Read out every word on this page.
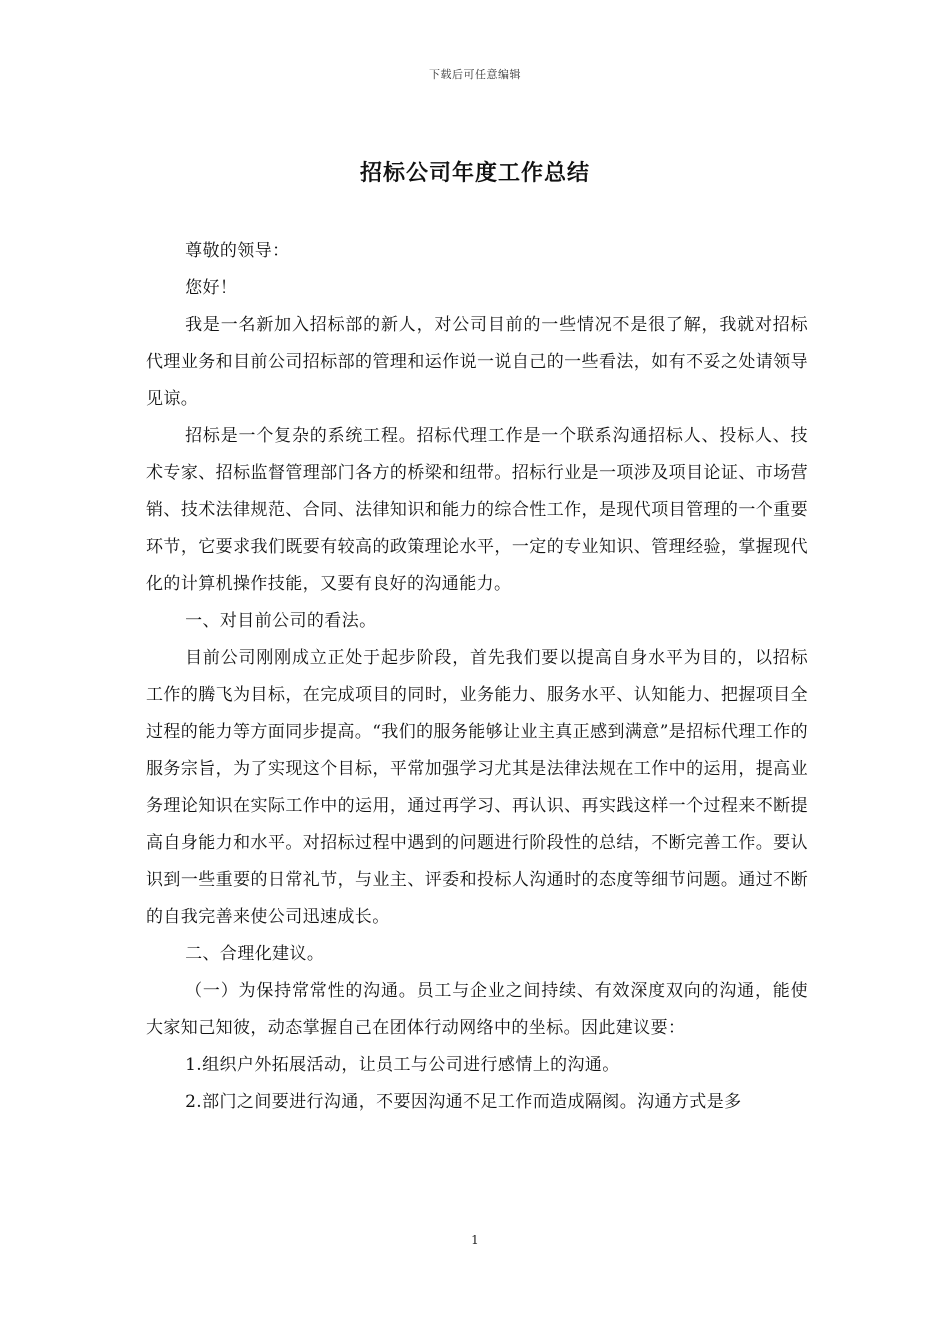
下载后可任意编辑
招标公司年度工作总结

尊敬的领导：

您好！

我是一名新加入招标部的新人，对公司目前的一些情况不是很了解，我就对招标代理业务和目前公司招标部的管理和运作说一说自己的一些看法，如有不妥之处请领导见谅。

招标是一个复杂的系统工程。招标代理工作是一个联系沟通招标人、投标人、技术专家、招标监督管理部门各方的桥梁和纽带。招标行业是一项涉及项目论证、市场营销、技术法律规范、合同、法律知识和能力的综合性工作，是现代项目管理的一个重要环节，它要求我们既要有较高的政策理论水平，一定的专业知识、管理经验，掌握现代化的计算机操作技能，又要有良好的沟通能力。

一、对目前公司的看法。

目前公司刚刚成立正处于起步阶段，首先我们要以提高自身水平为目的，以招标工作的腾飞为目标，在完成项目的同时，业务能力、服务水平、认知能力、把握项目全过程的能力等方面同步提高。“我们的服务能够让业主真正感到满意”是招标代理工作的服务宗旨，为了实现这个目标，平常加强学习尤其是法律法规在工作中的运用，提高业务理论知识在实际工作中的运用，通过再学习、再认识、再实践这样一个过程来不断提高自身能力和水平。对招标过程中遇到的问题进行阶段性的总结，不断完善工作。要认识到一些重要的日常礼节，与业主、评委和投标人沟通时的态度等细节问题。通过不断的自我完善来使公司迅速成长。

二、合理化建议。

（一）为保持常常性的沟通。员工与企业之间持续、有效深度双向的沟通，能使大家知己知彼，动态掌握自己在团体行动网络中的坐标。因此建议要：

1.组织户外拓展活动，让员工与公司进行感情上的沟通。

2.部门之间要进行沟通，不要因沟通不足工作而造成隔阂。沟通方式是多

1
